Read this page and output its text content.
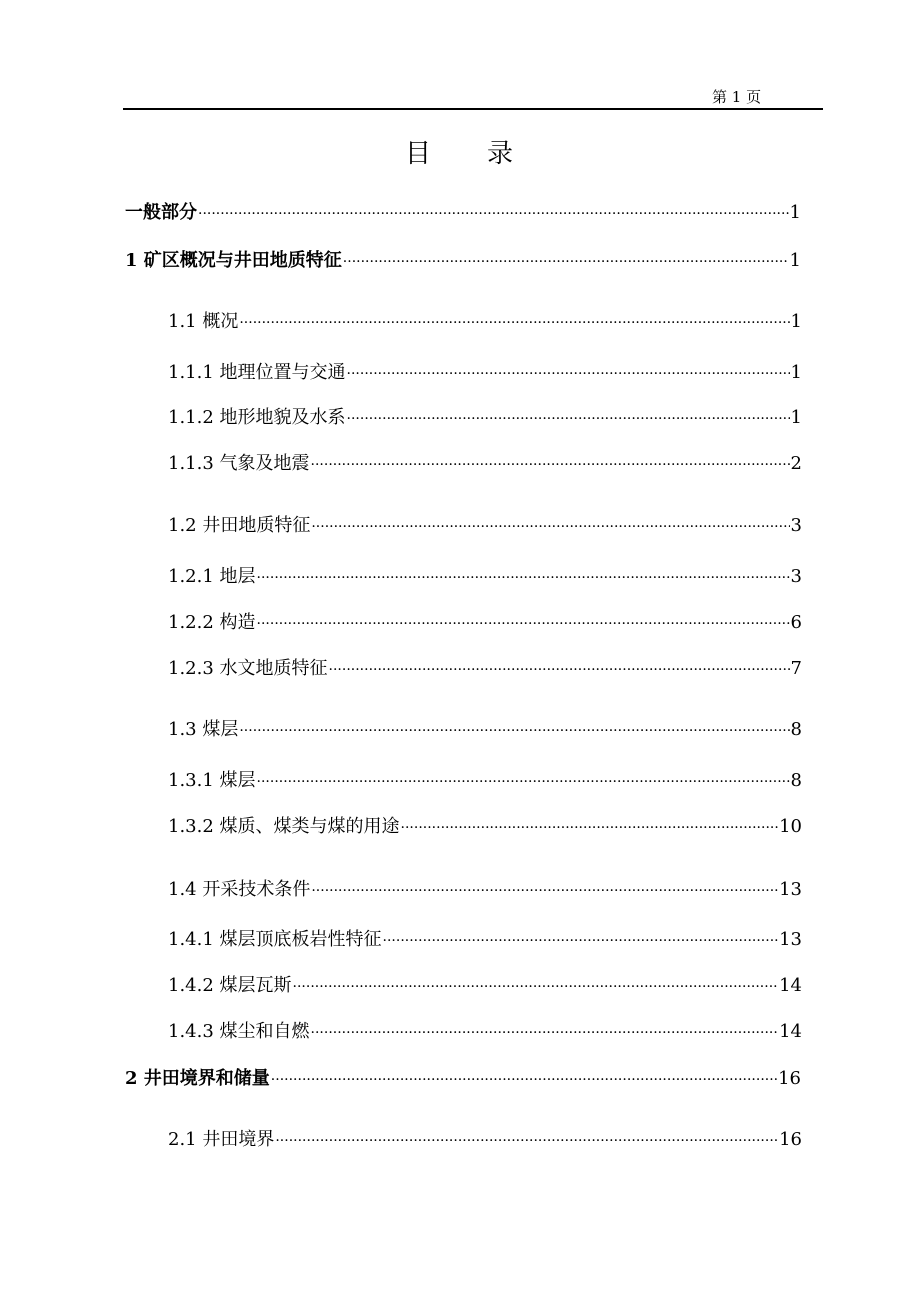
第 1 页
目 录
一般部分 ·····	1
1 矿区概况与井田地质特征 ·····	1
1.1 概况 ·····	1
1.1.1 地理位置与交通 ·····	1
1.1.2 地形地貌及水系 ·····	1
1.1.3 气象及地震 ·····	2
1.2 井田地质特征 ·····	3
1.2.1 地层 ·····	3
1.2.2 构造 ·····	6
1.2.3 水文地质特征 ·····	7
1.3 煤层 ·····	8
1.3.1 煤层 ·····	8
1.3.2 煤质、煤类与煤的用途 ·····	10
1.4 开采技术条件 ·····	13
1.4.1 煤层顶底板岩性特征 ·····	13
1.4.2 煤层瓦斯 ·····	14
1.4.3 煤尘和自燃 ·····	14
2 井田境界和储量 ·····	16
2.1 井田境界 ·····	16
